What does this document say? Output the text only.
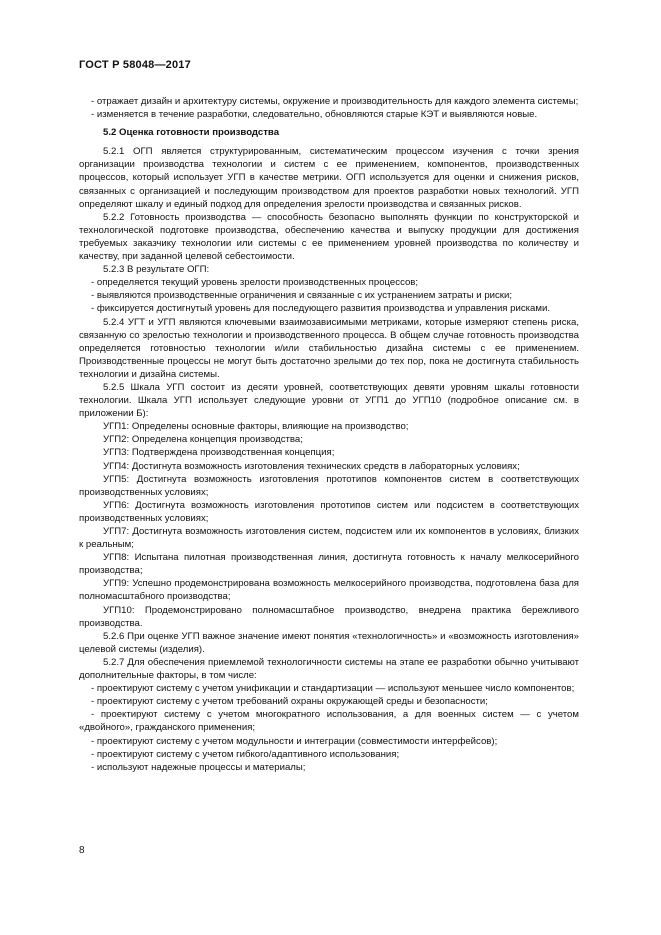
ГОСТ Р 58048—2017

- отражает дизайн и архитектуру системы, окружение и производительность для каждого элемента системы;

- изменяется в течение разработки, следовательно, обновляются старые КЭТ и выявляются новые.

5.2 Оценка готовности производства

5.2.1 ОГП является структурированным, систематическим процессом изучения с точки зрения организации производства технологии и систем с ее применением, компонентов, производственных процессов, который использует УГП в качестве метрики. ОГП используется для оценки и снижения рисков, связанных с организацией и последующим производством для проектов разработки новых технологий. УГП определяют шкалу и единый подход для определения зрелости производства и связанных рисков.

5.2.2 Готовность производства — способность безопасно выполнять функции по конструкторской и технологической подготовке производства, обеспечению качества и выпуску продукции для достижения требуемых заказчику технологии или системы с ее применением уровней производства по количеству и качеству, при заданной целевой себестоимости.

5.2.3 В результате ОГП:

- определяется текущий уровень зрелости производственных процессов;

- выявляются производственные ограничения и связанные с их устранением затраты и риски;

- фиксируется достигнутый уровень для последующего развития производства и управления рисками.

5.2.4 УГТ и УГП являются ключевыми взаимозависимыми метриками, которые измеряют степень риска, связанную со зрелостью технологии и производственного процесса. В общем случае готовность производства определяется готовностью технологии и/или стабильностью дизайна системы с ее применением. Производственные процессы не могут быть достаточно зрелыми до тех пор, пока не достигнута стабильность технологии и дизайна системы.

5.2.5 Шкала УГП состоит из десяти уровней, соответствующих девяти уровням шкалы готовности технологии. Шкала УГП использует следующие уровни от УГП1 до УГП10 (подробное описание см. в приложении Б):

УГП1: Определены основные факторы, влияющие на производство;

УГП2: Определена концепция производства;

УГП3: Подтверждена производственная концепция;

УГП4: Достигнута возможность изготовления технических средств в лабораторных условиях;

УГП5: Достигнута возможность изготовления прототипов компонентов систем в соответствующих производственных условиях;

УГП6: Достигнута возможность изготовления прототипов систем или подсистем в соответствующих производственных условиях;

УГП7: Достигнута возможность изготовления систем, подсистем или их компонентов в условиях, близких к реальным;

УГП8: Испытана пилотная производственная линия, достигнута готовность к началу мелкосерийного производства;

УГП9: Успешно продемонстрирована возможность мелкосерийного производства, подготовлена база для полномасштабного производства;

УГП10: Продемонстрировано полномасштабное производство, внедрена практика бережливого производства.

5.2.6 При оценке УГП важное значение имеют понятия «технологичность» и «возможность изготовления» целевой системы (изделия).

5.2.7 Для обеспечения приемлемой технологичности системы на этапе ее разработки обычно учитывают дополнительные факторы, в том числе:

- проектируют систему с учетом унификации и стандартизации — используют меньшее число компонентов;

- проектируют систему с учетом требований охраны окружающей среды и безопасности;

- проектируют систему с учетом многократного использования, а для военных систем — с учетом «двойного», гражданского применения;

- проектируют систему с учетом модульности и интеграции (совместимости интерфейсов);

- проектируют систему с учетом гибкого/адаптивного использования;

- используют надежные процессы и материалы;

8
